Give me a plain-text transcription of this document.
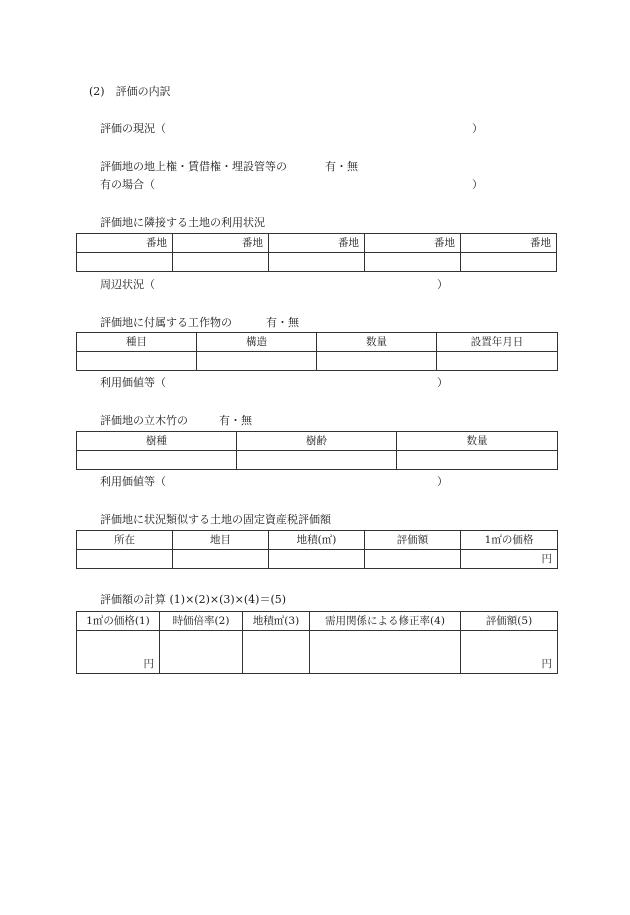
(2)　評価の内訳
評価の現況（	）
評価地の地上権・賃借権・埋設管等の	有・無
有の場合（	）
評価地に隣接する土地の利用状況
番地	番地	番地	番地	番地

周辺状況（	）
評価地に付属する工作物の	有・無
種目	構造	数量	設置年月日

利用価値等（	）
評価地の立木竹の	有・無
樹種	樹齢	数量

利用価値等（	）
評価地に状況類似する土地の固定資産税評価額
所在	地目	地積(㎡)	評価額	1㎡の価格
				円
評価額の計算 (1)×(2)×(3)×(4)＝(5)
1㎡の価格(1)	時価倍率(2)	地積㎡(3)	需用関係による修正率(4)	評価額(5)
円				円
